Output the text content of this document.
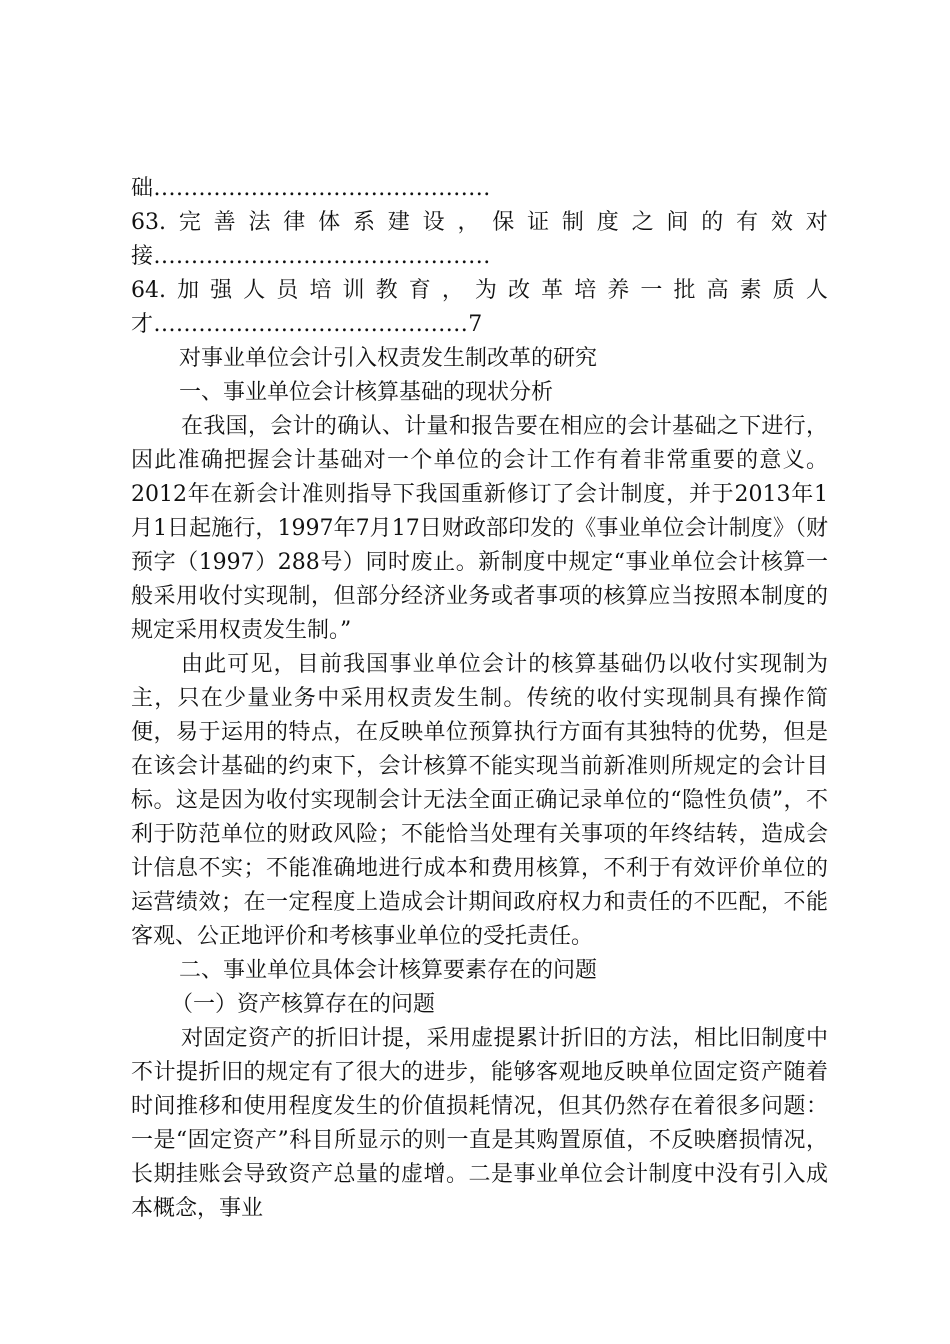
础.............................................
63. 完 善 法 律 体 系 建 设 ， 保 证 制 度 之 间 的 有 效 对
接.............................................
64. 加 强 人 员 培 训 教 育 ， 为 改 革 培 养 一 批 高 素 质 人
才..........................................7
对事业单位会计引入权责发生制改革的研究
一、事业单位会计核算基础的现状分析

在我国，会计的确认、计量和报告要在相应的会计基础之下进行，因此准确把握会计基础对一个单位的会计工作有着非常重要的意义。2012年在新会计准则指导下我国重新修订了会计制度，并于2013年1月1日起施行，1997年7月17日财政部印发的《事业单位会计制度》（财预字（1997）288号）同时废止。新制度中规定“事业单位会计核算一般采用收付实现制，但部分经济业务或者事项的核算应当按照本制度的规定采用权责发生制。”

由此可见，目前我国事业单位会计的核算基础仍以收付实现制为主，只在少量业务中采用权责发生制。传统的收付实现制具有操作简便，易于运用的特点，在反映单位预算执行方面有其独特的优势，但是在该会计基础的约束下，会计核算不能实现当前新准则所规定的会计目标。这是因为收付实现制会计无法全面正确记录单位的“隐性负债”，不利于防范单位的财政风险；不能恰当处理有关事项的年终结转，造成会计信息不实；不能准确地进行成本和费用核算，不利于有效评价单位的运营绩效；在一定程度上造成会计期间政府权力和责任的不匹配，不能客观、公正地评价和考核事业单位的受托责任。

二、事业单位具体会计核算要素存在的问题
（一）资产核算存在的问题

对固定资产的折旧计提，采用虚提累计折旧的方法，相比旧制度中不计提折旧的规定有了很大的进步，能够客观地反映单位固定资产随着时间推移和使用程度发生的价值损耗情况，但其仍然存在着很多问题：一是“固定资产”科目所显示的则一直是其购置原值，不反映磨损情况，长期挂账会导致资产总量的虚增。二是事业单位会计制度中没有引入成本概念，事业
